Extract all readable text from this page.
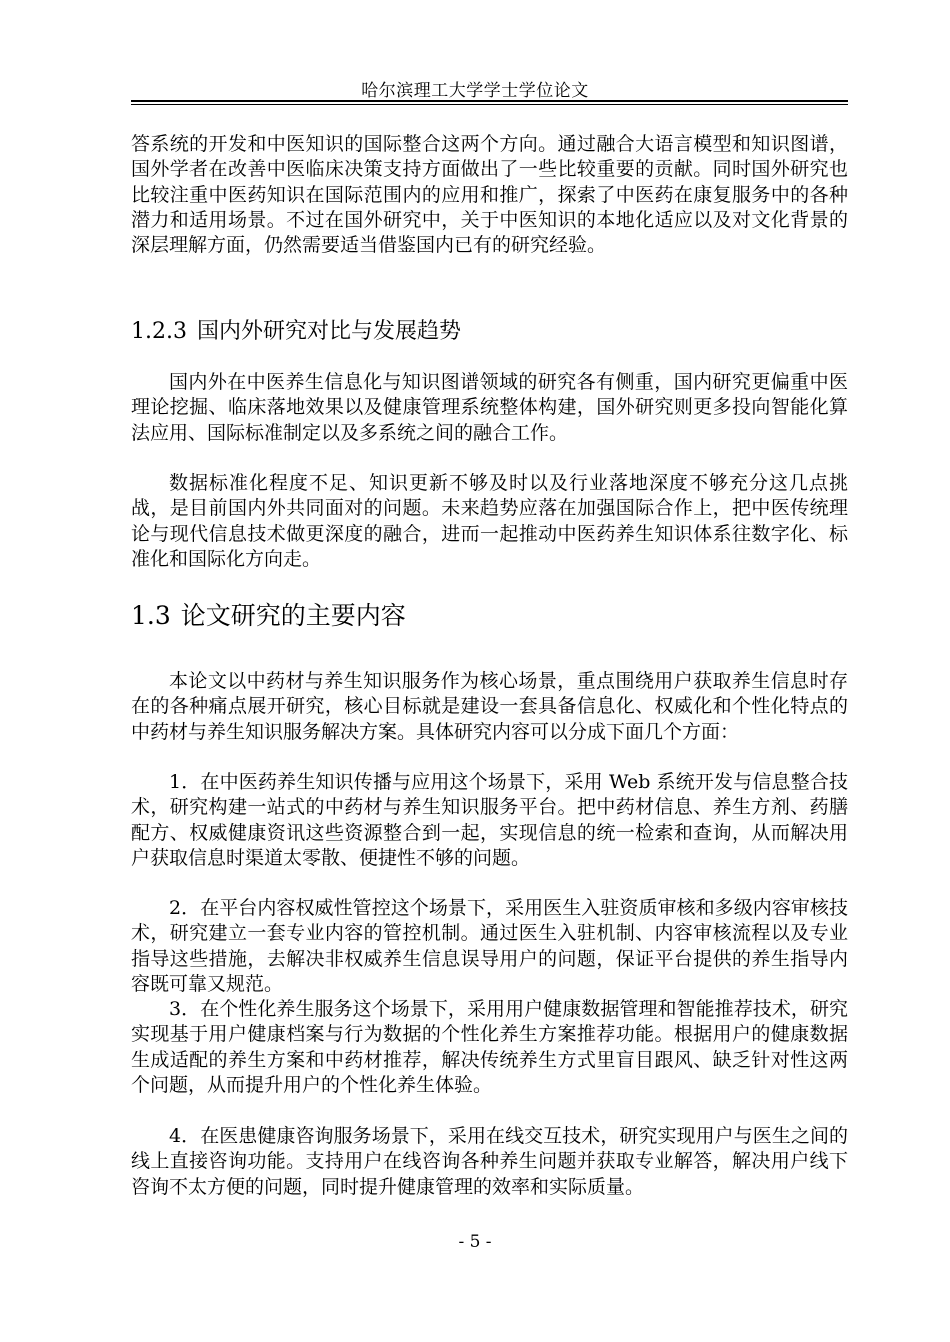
哈尔滨理工大学学士学位论文

答系统的开发和中医知识的国际整合这两个方向。通过融合大语言模型和知识图谱，国外学者在改善中医临床决策支持方面做出了一些比较重要的贡献。同时国外研究也比较注重中医药知识在国际范围内的应用和推广，探索了中医药在康复服务中的各种潜力和适用场景。不过在国外研究中，关于中医知识的本地化适应以及对文化背景的深层理解方面，仍然需要适当借鉴国内已有的研究经验。

1.2.3 国内外研究对比与发展趋势

国内外在中医养生信息化与知识图谱领域的研究各有侧重，国内研究更偏重中医理论挖掘、临床落地效果以及健康管理系统整体构建，国外研究则更多投向智能化算法应用、国际标准制定以及多系统之间的融合工作。

数据标准化程度不足、知识更新不够及时以及行业落地深度不够充分这几点挑战，是目前国内外共同面对的问题。未来趋势应落在加强国际合作上，把中医传统理论与现代信息技术做更深度的融合，进而一起推动中医药养生知识体系往数字化、标准化和国际化方向走。

1.3 论文研究的主要内容

本论文以中药材与养生知识服务作为核心场景，重点围绕用户获取养生信息时存在的各种痛点展开研究，核心目标就是建设一套具备信息化、权威化和个性化特点的中药材与养生知识服务解决方案。具体研究内容可以分成下面几个方面：

1．在中医药养生知识传播与应用这个场景下，采用 Web 系统开发与信息整合技术，研究构建一站式的中药材与养生知识服务平台。把中药材信息、养生方剂、药膳配方、权威健康资讯这些资源整合到一起，实现信息的统一检索和查询，从而解决用户获取信息时渠道太零散、便捷性不够的问题。

2．在平台内容权威性管控这个场景下，采用医生入驻资质审核和多级内容审核技术，研究建立一套专业内容的管控机制。通过医生入驻机制、内容审核流程以及专业指导这些措施，去解决非权威养生信息误导用户的问题，保证平台提供的养生指导内容既可靠又规范。

3．在个性化养生服务这个场景下，采用用户健康数据管理和智能推荐技术，研究实现基于用户健康档案与行为数据的个性化养生方案推荐功能。根据用户的健康数据生成适配的养生方案和中药材推荐，解决传统养生方式里盲目跟风、缺乏针对性这两个问题，从而提升用户的个性化养生体验。

4．在医患健康咨询服务场景下，采用在线交互技术，研究实现用户与医生之间的线上直接咨询功能。支持用户在线咨询各种养生问题并获取专业解答，解决用户线下咨询不太方便的问题，同时提升健康管理的效率和实际质量。

- 5 -
